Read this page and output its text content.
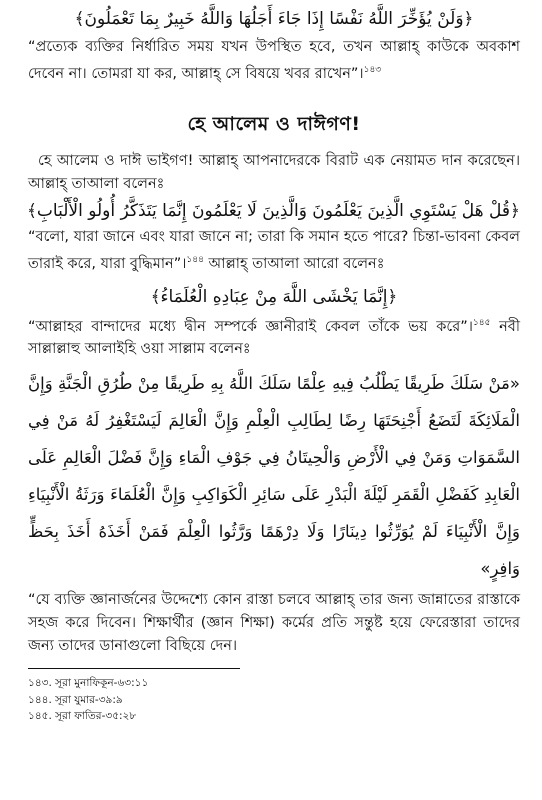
﴿وَلَنْ يُؤَخِّرَ اللَّهُ نَفْسًا إِذَا جَاءَ أَجَلُهَا وَاللَّهُ خَبِيرٌ بِمَا تَعْمَلُونَ﴾

“প্রত্যেক ব্যক্তির নির্ধারিত সময় যখন উপস্থিত হবে, তখন আল্লাহ্‌ কাউকে অবকাশ দেবেন না। তোমরা যা কর, আল্লাহ্‌ সে বিষয়ে খবর রাখেন”।$^{১৪৩}$

হে আলেম ও দাঈগণ!

হে আলেম ও দাঈ ভাইগণ! আল্লাহ্‌ আপনাদেরকে বিরাট এক নেয়ামত দান করেছেন। আল্লাহ্‌ তাআলা বলেনঃ

﴿قُلْ هَلْ يَسْتَوِي الَّذِينَ يَعْلَمُونَ وَالَّذِينَ لَا يَعْلَمُونَ إِنَّمَا يَتَذَكَّرُ أُولُو الْأَلْبَابِ﴾

“বলো, যারা জানে এবং যারা জানে না; তারা কি সমান হতে পারে? চিন্তা-ভাবনা কেবল তারাই করে, যারা বুদ্ধিমান”।$^{১৪৪}$ আল্লাহ্‌ তাআলা আরো বলেনঃ

﴿إِنَّمَا يَخْشَى اللَّهَ مِنْ عِبَادِهِ الْعُلَمَاءُ﴾

“আল্লাহর বান্দাদের মধ্যে দ্বীন সম্পর্কে জ্ঞানীরাই কেবল তাঁকে ভয় করে”।$^{১৪৫}$ নবী সাল্লাল্লাহু আলাইহি ওয়া সাল্লাম বলেনঃ

«مَنْ سَلَكَ طَرِيقًا يَطْلُبُ فِيهِ عِلْمًا سَلَكَ اللَّهُ بِهِ طَرِيقًا مِنْ طُرُقِ الْجَنَّةِ وَإِنَّ الْمَلَائِكَةَ لَتَضَعُ أَجْنِحَتَهَا رِضًا لِطَالِبِ الْعِلْمِ وَإِنَّ الْعَالِمَ لَيَسْتَغْفِرُ لَهُ مَنْ فِي السَّمَوَاتِ وَمَنْ فِي الْأَرْضِ وَالْحِيتَانُ فِي جَوْفِ الْمَاءِ وَإِنَّ فَضْلَ الْعَالِمِ عَلَى الْعَابِدِ كَفَضْلِ الْقَمَرِ لَيْلَةَ الْبَدْرِ عَلَى سَائِرِ الْكَوَاكِبِ وَإِنَّ الْعُلَمَاءَ وَرَثَةُ الْأَنْبِيَاءِ وَإِنَّ الْأَنْبِيَاءَ لَمْ يُوَرِّثُوا دِينَارًا وَلَا دِرْهَمًا وَرَّثُوا الْعِلْمَ فَمَنْ أَخَذَهُ أَخَذَ بِحَظٍّ وَافِرٍ»

“যে ব্যক্তি জ্ঞানার্জনের উদ্দেশ্যে কোন রাস্তা চলবে আল্লাহ্‌ তার জন্য জান্নাতের রাস্তাকে সহজ করে দিবেন। শিক্ষার্থীর (জ্ঞান শিক্ষা) কর্মের প্রতি সন্তুষ্ট হয়ে ফেরেস্তারা তাদের জন্য তাদের ডানাগুলো বিছিয়ে দেন।

১৪৩. সূরা মুনাফিকূন-৬৩:১১
১৪৪. সূরা যুমার-৩৯:৯
১৪৫. সূরা ফাতির-৩৫:২৮
